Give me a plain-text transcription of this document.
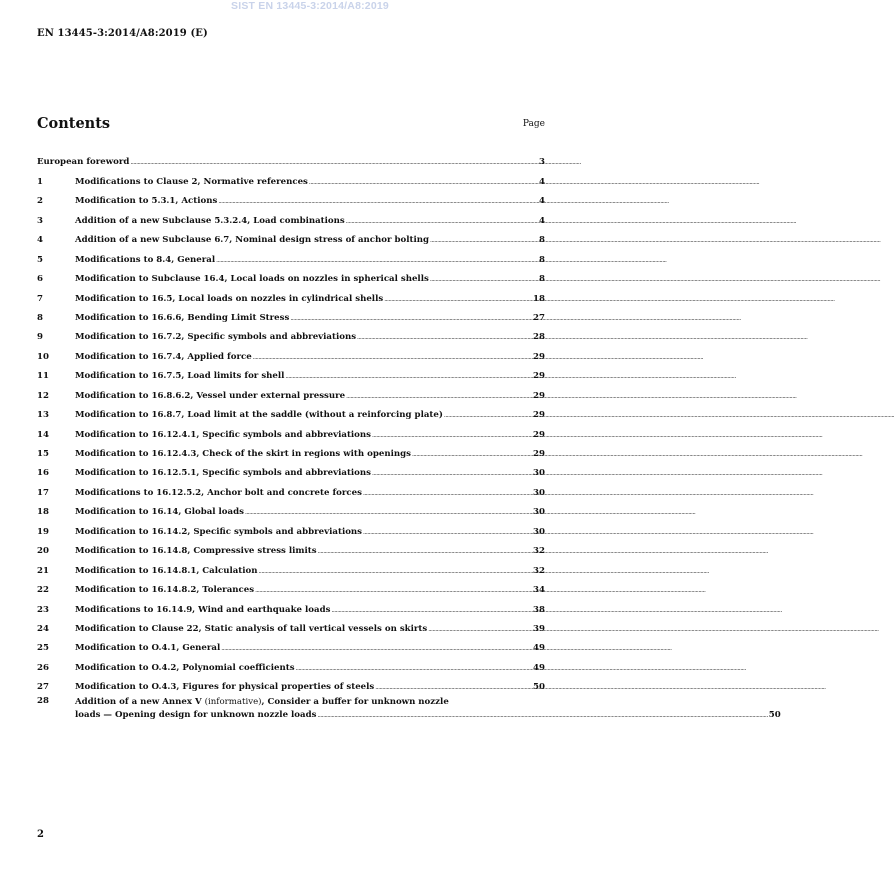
SIST EN 13445-3:2014/A8:2019
EN 13445-3:2014/A8:2019 (E)
Contents	Page
European foreword .....	3
1	Modifications to Clause 2, Normative references .....	4
2	Modification to 5.3.1, Actions .....	4
3	Addition of a new Subclause 5.3.2.4, Load combinations .....	4
4	Addition of a new Subclause 6.7, Nominal design stress of anchor bolting .....	8
5	Modifications to 8.4, General .....	8
6	Modification to Subclause 16.4, Local loads on nozzles in spherical shells .....	8
7	Modification to 16.5, Local loads on nozzles in cylindrical shells .....	18
8	Modification to 16.6.6, Bending Limit Stress .....	27
9	Modification to 16.7.2, Specific symbols and abbreviations .....	28
10	Modification to 16.7.4, Applied force .....	29
11	Modification to 16.7.5, Load limits for shell .....	29
12	Modification to 16.8.6.2, Vessel under external pressure .....	29
13	Modification to 16.8.7, Load limit at the saddle (without a reinforcing plate) .....	29
14	Modification to 16.12.4.1, Specific symbols and abbreviations .....	29
15	Modification to 16.12.4.3, Check of the skirt in regions with openings .....	29
16	Modification to 16.12.5.1, Specific symbols and abbreviations .....	30
17	Modifications to 16.12.5.2, Anchor bolt and concrete forces .....	30
18	Modification to 16.14, Global loads .....	30
19	Modification to 16.14.2, Specific symbols and abbreviations .....	30
20	Modification to 16.14.8, Compressive stress limits .....	32
21	Modification to 16.14.8.1, Calculation .....	32
22	Modification to 16.14.8.2, Tolerances .....	34
23	Modifications to 16.14.9, Wind and earthquake loads .....	38
24	Modification to Clause 22, Static analysis of tall vertical vessels on skirts .....	39
25	Modification to O.4.1, General .....	49
26	Modification to O.4.2, Polynomial coefficients .....	49
27	Modification to O.4.3, Figures for physical properties of steels .....	50
28	Addition of a new Annex V (informative), Consider a buffer for unknown nozzle
loads — Opening design for unknown nozzle loads .....	50
2
